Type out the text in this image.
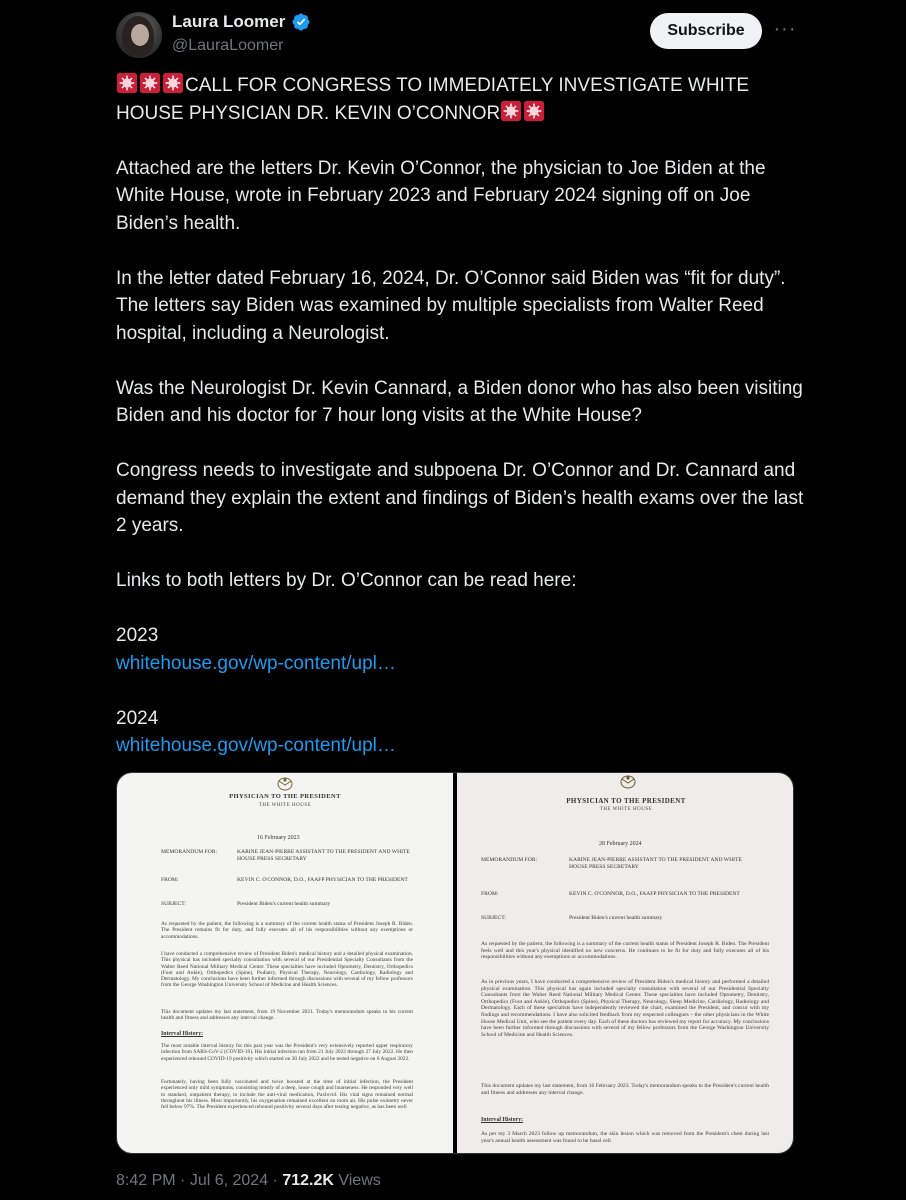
Laura Loomer
@LauraLoomer
Subscribe	···

CALL FOR CONGRESS TO IMMEDIATELY INVESTIGATE WHITE HOUSE PHYSICIAN DR. KEVIN O’CONNOR

Attached are the letters Dr. Kevin O’Connor, the physician to Joe Biden at the White House, wrote in February 2023 and February 2024 signing off on Joe Biden’s health.

In the letter dated February 16, 2024, Dr. O’Connor said Biden was “fit for duty”. The letters say Biden was examined by multiple specialists from Walter Reed hospital, including a Neurologist.

Was the Neurologist Dr. Kevin Cannard, a Biden donor who has also been visiting Biden and his doctor for 7 hour long visits at the White House?

Congress needs to investigate and subpoena Dr. O’Connor and Dr. Cannard and demand they explain the extent and findings of Biden’s health exams over the last 2 years.

Links to both letters by Dr. O’Connor can be read here:

2023

whitehouse.gov/wp-content/upl…

2024

whitehouse.gov/wp-content/upl…

PHYSICIAN TO THE PRESIDENT
THE WHITE HOUSE
16 February 2023
MEMORANDUM FOR:	KARINE JEAN-PIERRE ASSISTANT TO THE PRESIDENT AND WHITE HOUSE PRESS SECRETARY
FROM:	KEVIN C. O'CONNOR, D.O., FAAFP PHYSICIAN TO THE PRESIDENT
SUBJECT:	President Biden's current health summary
As requested by the patient, the following is a summary of the current health status of President Joseph R. Biden. The President remains fit for duty, and fully executes all of his responsibilities without any exemptions or accommodations.
I have conducted a comprehensive review of President Biden's medical history and a detailed physical examination. This physical has included specialty consultation with several of our Presidential Specialty Consultants from the Walter Reed National Military Medical Center. These specialties have included Optometry, Dentistry, Orthopedics (Foot and Ankle), Orthopedics (Spine), Podiatry, Physical Therapy, Neurology, Cardiology, Radiology and Dermatology. My conclusions have been further informed through discussions with several of my fellow professors from the George Washington University School of Medicine and Health Sciences.
This document updates my last statement, from 19 November 2021. Today's memorandum speaks to his current health and fitness and addresses any interval change.
Interval History:
The most notable interval history for this past year was the President's very extensively reported upper respiratory infection from SARS-CoV-2 (COVID-19). His initial infection ran from 21 July 2022 through 27 July 2022. He then experienced rebound COVID-19 positivity which started on 30 July 2022 and he tested negative on 6 August 2022.
Fortunately, having been fully vaccinated and twice boosted at the time of initial infection, the President experienced only mild symptoms, consisting mostly of a deep, loose cough and hoarseness. He responded very well to standard, outpatient therapy, to include the anti-viral medication, Paxlovid. His vital signs remained normal throughout his illness. Most importantly, his oxygenation remained excellent on room air. His pulse oximetry never fell below 97%. The President experienced rebound positivity several days after testing negative, as has been well
PHYSICIAN TO THE PRESIDENT
THE WHITE HOUSE
28 February 2024
MEMORANDUM FOR:	KARINE JEAN-PIERRE ASSISTANT TO THE PRESIDENT AND WHITE HOUSE PRESS SECRETARY
FROM:	KEVIN C. O'CONNOR, D.O., FAAFP PHYSICIAN TO THE PRESIDENT
SUBJECT:	President Biden's current health summary
As requested by the patient, the following is a summary of the current health status of President Joseph R. Biden. The President feels well and this year's physical identified no new concerns. He continues to be fit for duty and fully executes all of his responsibilities without any exemptions or accommodations.
As in previous years, I have conducted a comprehensive review of President Biden's medical history and performed a detailed physical examination. This physical has again included specialty consultation with several of our Presidential Specialty Consultants from the Walter Reed National Military Medical Center. These specialties have included Optometry, Dentistry, Orthopedics (Foot and Ankle), Orthopedics (Spine), Physical Therapy, Neurology, Sleep Medicine, Cardiology, Radiology and Dermatology. Each of these specialists have independently reviewed the chart, examined the President, and concur with my findings and recommendations. I have also solicited feedback from my respected colleagues – the other physicians in the White House Medical Unit, who see the patient every day. Each of these doctors has reviewed my report for accuracy. My conclusions have been further informed through discussions with several of my fellow professors from the George Washington University School of Medicine and Health Sciences.
This document updates my last statement, from 16 February 2023. Today's memorandum speaks to the President's current health and fitness and addresses any interval change.
Interval History:
As per my 3 March 2023 follow up memorandum, the skin lesion which was removed from the President's chest during last year's annual health assessment was found to be basal cell
8:42 PM · Jul 6, 2024 · 712.2K Views
